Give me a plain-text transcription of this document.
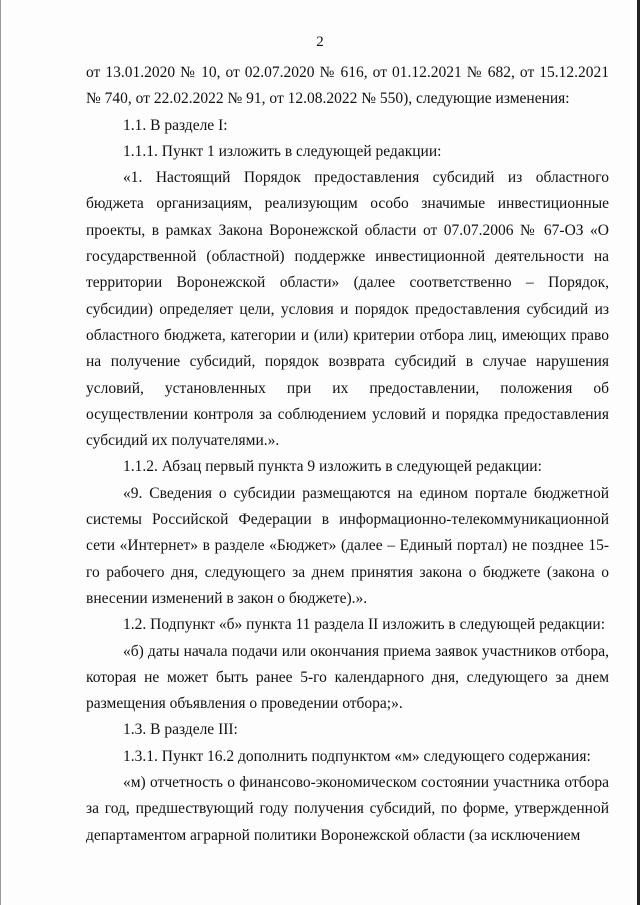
2

от 13.01.2020 № 10, от 02.07.2020 № 616, от 01.12.2021 № 682, от 15.12.2021 № 740, от 22.02.2022 № 91, от 12.08.2022 № 550), следующие изменения:

1.1. В разделе I:

1.1.1. Пункт 1 изложить в следующей редакции:

«1. Настоящий Порядок предоставления субсидий из областного бюджета организациям, реализующим особо значимые инвестиционные проекты, в рамках Закона Воронежской области от 07.07.2006 № 67-ОЗ «О государственной (областной) поддержке инвестиционной деятельности на территории Воронежской области» (далее соответственно – Порядок, субсидии) определяет цели, условия и порядок предоставления субсидий из областного бюджета, категории и (или) критерии отбора лиц, имеющих право на получение субсидий, порядок возврата субсидий в случае нарушения условий, установленных при их предоставлении, положения об осуществлении контроля за соблюдением условий и порядка предоставления субсидий их получателями.».

1.1.2. Абзац первый пункта 9 изложить в следующей редакции:

«9. Сведения о субсидии размещаются на едином портале бюджетной системы Российской Федерации в информационно-телекоммуникационной сети «Интернет» в разделе «Бюджет» (далее – Единый портал) не позднее 15-го рабочего дня, следующего за днем принятия закона о бюджете (закона о внесении изменений в закон о бюджете).».

1.2. Подпункт «б» пункта 11 раздела II изложить в следующей редакции:

«б) даты начала подачи или окончания приема заявок участников отбора, которая не может быть ранее 5-го календарного дня, следующего за днем размещения объявления о проведении отбора;».

1.3. В разделе III:

1.3.1. Пункт 16.2 дополнить подпунктом «м» следующего содержания:

«м) отчетность о финансово-экономическом состоянии участника отбора за год, предшествующий году получения субсидий, по форме, утвержденной департаментом аграрной политики Воронежской области (за исключением
